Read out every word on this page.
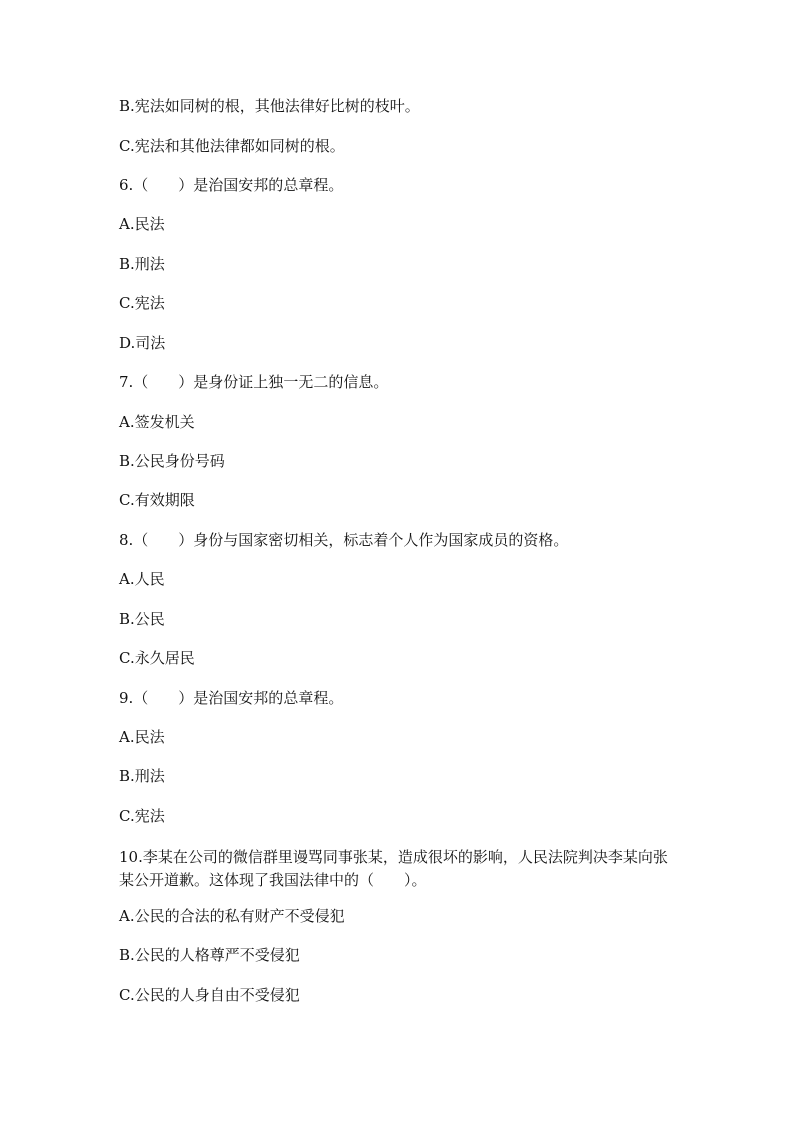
B.宪法如同树的根，其他法律好比树的枝叶。
C.宪法和其他法律都如同树的根。
6.（　　）是治国安邦的总章程。
A.民法
B.刑法
C.宪法
D.司法
7.（　　）是身份证上独一无二的信息。
A.签发机关
B.公民身份号码
C.有效期限
8.（　　）身份与国家密切相关，标志着个人作为国家成员的资格。
A.人民
B.公民
C.永久居民
9.（　　）是治国安邦的总章程。
A.民法
B.刑法
C.宪法
10.李某在公司的微信群里谩骂同事张某，造成很坏的影响，人民法院判决李某向张某公开道歉。这体现了我国法律中的（　　）。
A.公民的合法的私有财产不受侵犯
B.公民的人格尊严不受侵犯
C.公民的人身自由不受侵犯
